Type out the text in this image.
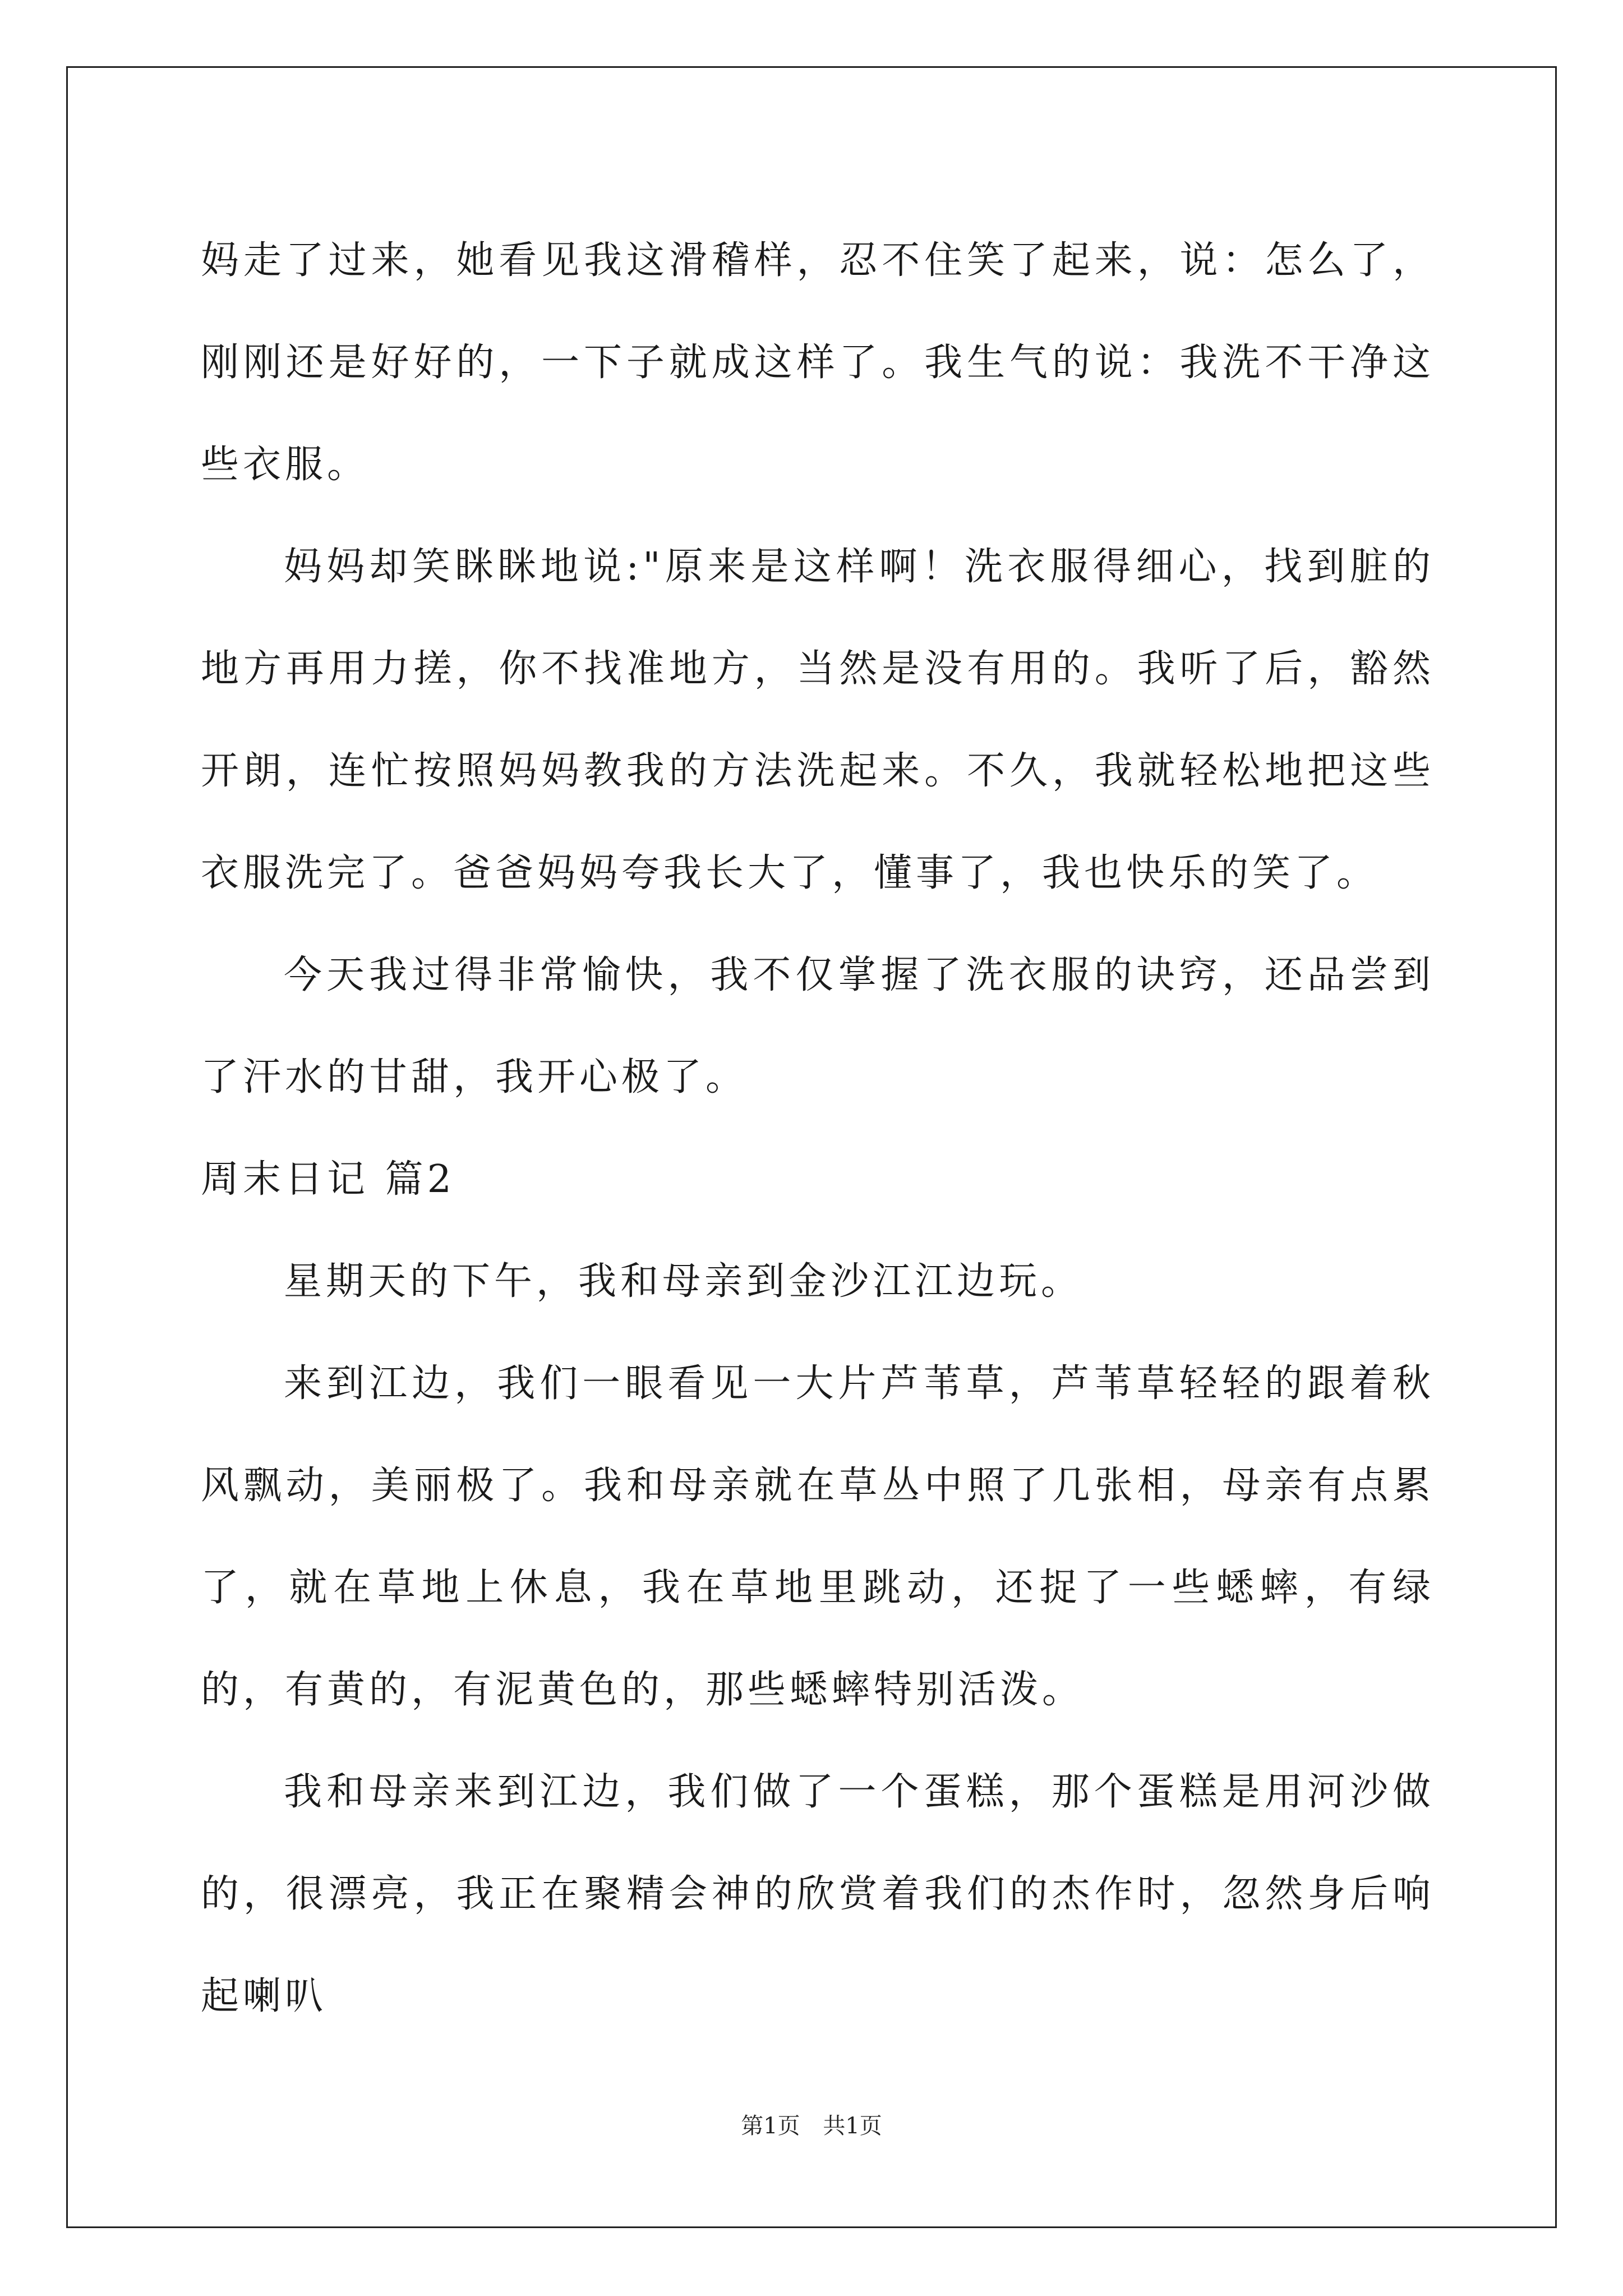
妈走了过来，她看见我这滑稽样，忍不住笑了起来，说：怎么了，刚刚还是好好的，一下子就成这样了。我生气的说：我洗不干净这些衣服。

妈妈却笑眯眯地说:"原来是这样啊！洗衣服得细心，找到脏的地方再用力搓，你不找准地方，当然是没有用的。我听了后，豁然开朗，连忙按照妈妈教我的方法洗起来。不久，我就轻松地把这些衣服洗完了。爸爸妈妈夸我长大了，懂事了，我也快乐的笑了。

今天我过得非常愉快，我不仅掌握了洗衣服的诀窍，还品尝到了汗水的甘甜，我开心极了。

周末日记 篇2

星期天的下午，我和母亲到金沙江江边玩。

来到江边，我们一眼看见一大片芦苇草，芦苇草轻轻的跟着秋风飘动，美丽极了。我和母亲就在草丛中照了几张相，母亲有点累了，就在草地上休息，我在草地里跳动，还捉了一些蟋蟀，有绿的，有黄的，有泥黄色的，那些蟋蟀特别活泼。

我和母亲来到江边，我们做了一个蛋糕，那个蛋糕是用河沙做的，很漂亮，我正在聚精会神的欣赏着我们的杰作时，忽然身后响起喇叭

第1页 共1页
